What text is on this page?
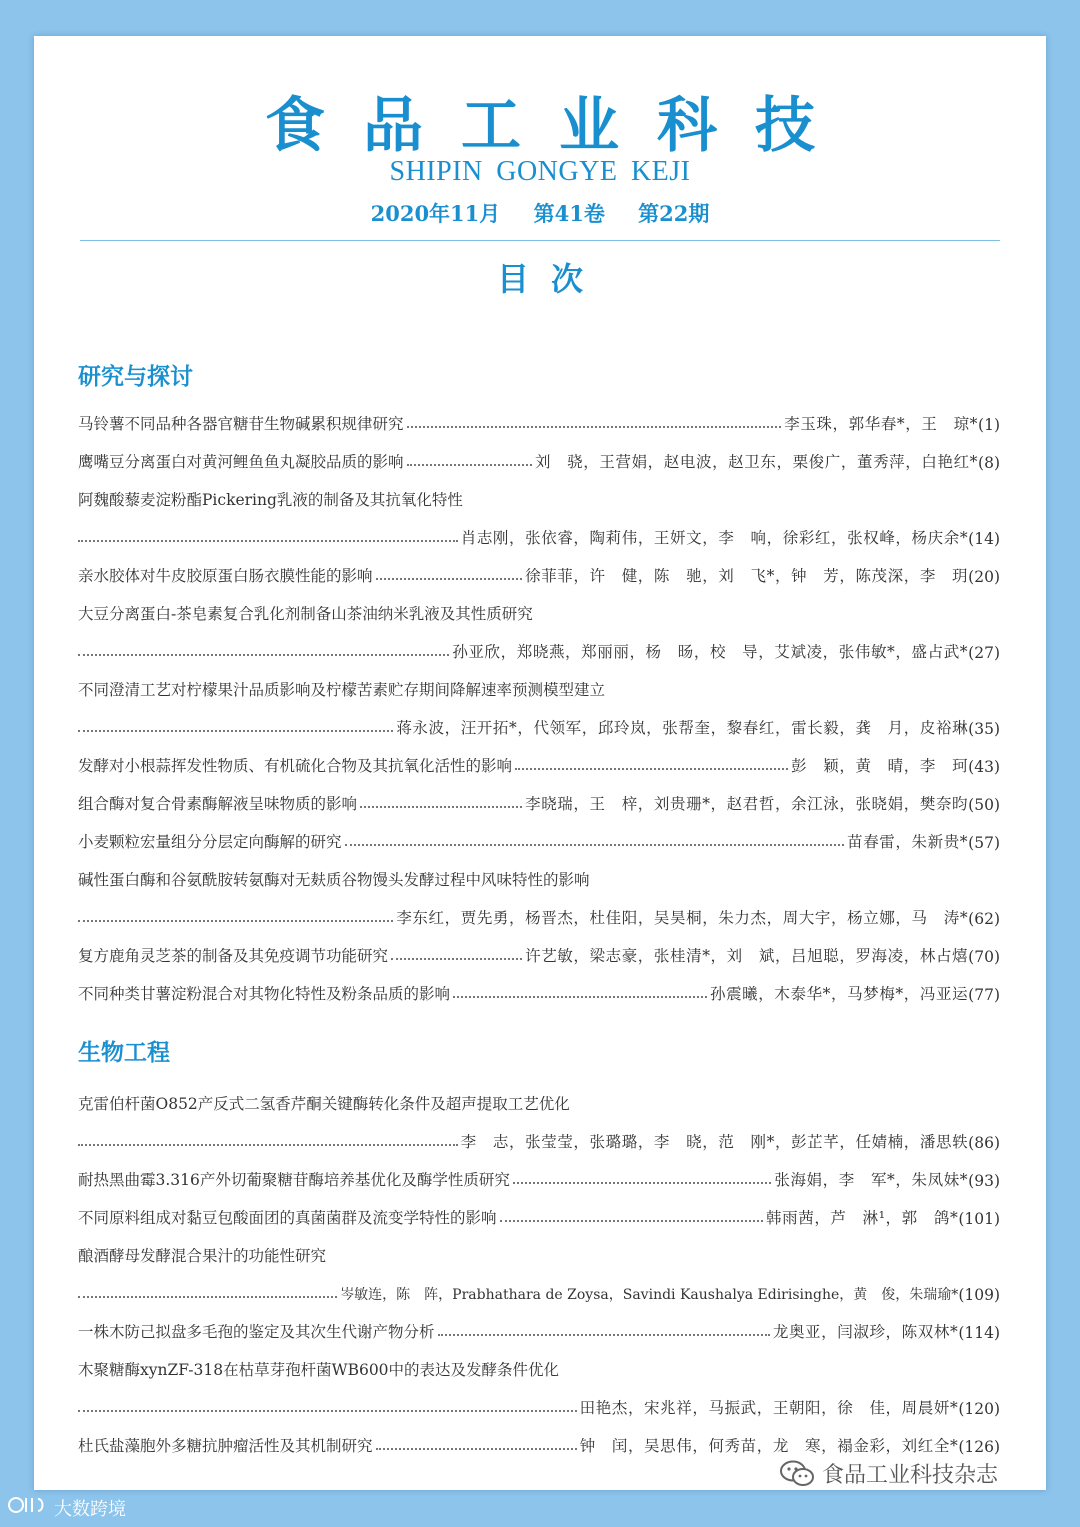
食品工业科技
SHIPIN GONGYE KEJI
2020年11月 第41卷 第22期
目次
研究与探讨
马铃薯不同品种各器官糖苷生物碱累积规律研究	李玉珠，郭华春*，王　琼* (1)
鹰嘴豆分离蛋白对黄河鲤鱼鱼丸凝胶品质的影响	刘　骁，王营娟，赵电波，赵卫东，栗俊广，董秀萍，白艳红* (8)
阿魏酸藜麦淀粉酯Pickering乳液的制备及其抗氧化特性
肖志刚，张依睿，陶莉伟，王妍文，李　响，徐彩红，张权峰，杨庆余* (14)
亲水胶体对牛皮胶原蛋白肠衣膜性能的影响	徐菲菲，许　健，陈　驰，刘　飞*，钟　芳，陈茂深，李　玥 (20)
大豆分离蛋白-茶皂素复合乳化剂制备山茶油纳米乳液及其性质研究
孙亚欣，郑晓燕，郑丽丽，杨　旸，校　导，艾斌凌，张伟敏*，盛占武* (27)
不同澄清工艺对柠檬果汁品质影响及柠檬苦素贮存期间降解速率预测模型建立
蒋永波，汪开拓*，代领军，邱玲岚，张帮奎，黎春红，雷长毅，龚　月，皮裕琳 (35)
发酵对小根蒜挥发性物质、有机硫化合物及其抗氧化活性的影响	彭　颖，黄　晴，李　珂 (43)
组合酶对复合骨素酶解液呈味物质的影响	李晓瑞，王　梓，刘贵珊*，赵君哲，余江泳，张晓娟，樊奈昀 (50)
小麦颗粒宏量组分分层定向酶解的研究	苗春雷，朱新贵* (57)
碱性蛋白酶和谷氨酰胺转氨酶对无麸质谷物馒头发酵过程中风味特性的影响
李东红，贾先勇，杨晋杰，杜佳阳，吴昊桐，朱力杰，周大宇，杨立娜，马　涛* (62)
复方鹿角灵芝茶的制备及其免疫调节功能研究	许艺敏，梁志豪，张桂清*，刘　斌，吕旭聪，罗海凌，林占熺 (70)
不同种类甘薯淀粉混合对其物化特性及粉条品质的影响	孙震曦，木泰华*，马梦梅*，冯亚运 (77)
生物工程
克雷伯杆菌O852产反式二氢香芹酮关键酶转化条件及超声提取工艺优化
李　志，张莹莹，张璐璐，李　晓，范　刚*，彭芷芊，任婧楠，潘思轶 (86)
耐热黑曲霉3.316产外切葡聚糖苷酶培养基优化及酶学性质研究	张海娟，李　军*，朱凤妹* (93)
不同原料组成对黏豆包酸面团的真菌菌群及流变学特性的影响	韩雨茜，芦　淋¹，郭　鸽* (101)
酿酒酵母发酵混合果汁的功能性研究
岑敏连，陈　阵，Prabhathara de Zoysa，Savindi Kaushalya Edirisinghe，黄　俊，朱瑞瑜* (109)
一株木防己拟盘多毛孢的鉴定及其次生代谢产物分析	龙奥亚，闫淑珍，陈双林* (114)
木聚糖酶xynZF-318在枯草芽孢杆菌WB600中的表达及发酵条件优化
田艳杰，宋兆祥，马振武，王朝阳，徐　佳，周晨妍* (120)
杜氏盐藻胞外多糖抗肿瘤活性及其机制研究	钟　闰，吴思伟，何秀苗，龙　寒，褟金彩，刘红全* (126)
食品工业科技杂志
大数跨境
